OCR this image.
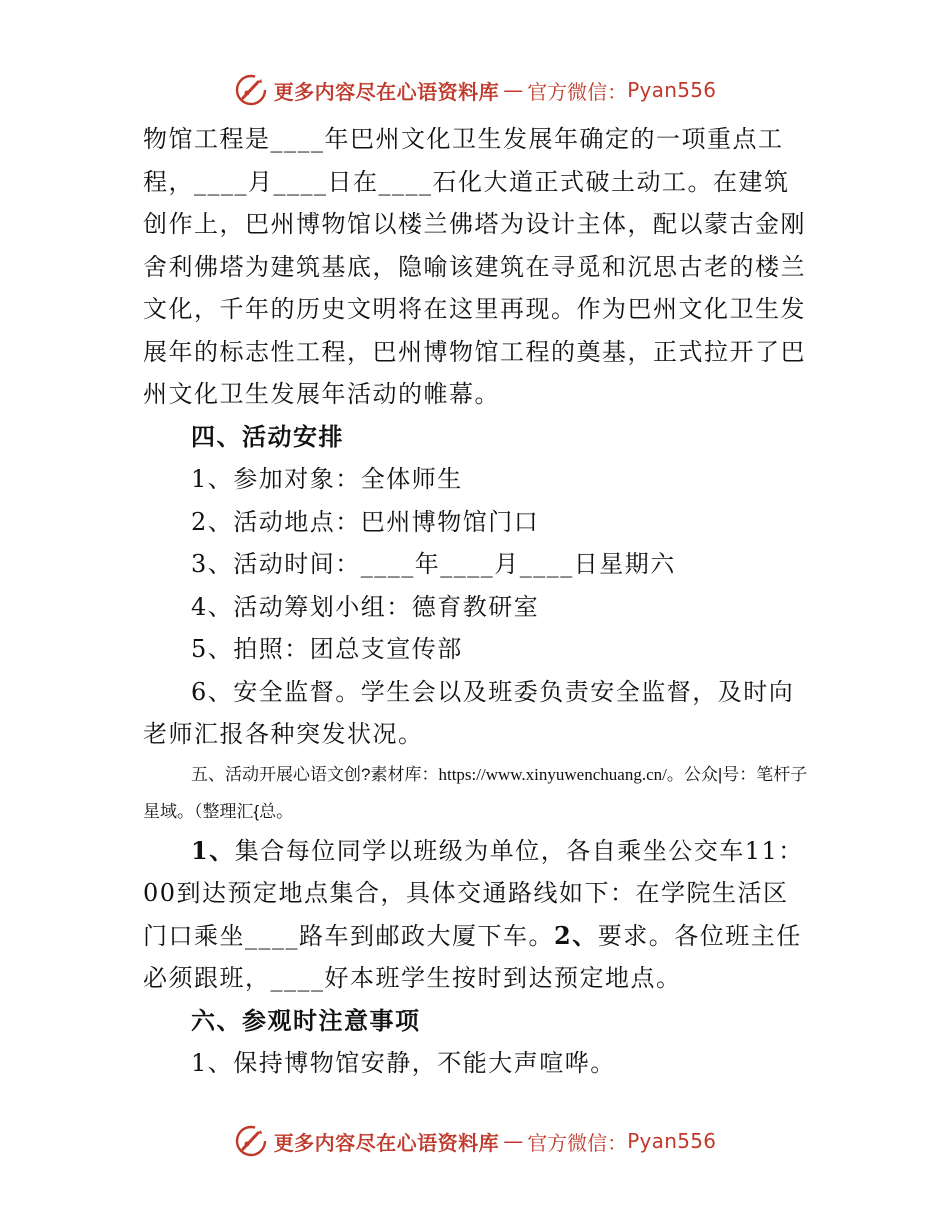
更多内容尽在心语资料库 — 官方微信： Pyan556

物馆工程是____年巴州文化卫生发展年确定的一项重点工程，____月____日在____石化大道正式破土动工。在建筑创作上，巴州博物馆以楼兰佛塔为设计主体，配以蒙古金刚舍利佛塔为建筑基底，隐喻该建筑在寻觅和沉思古老的楼兰文化，千年的历史文明将在这里再现。作为巴州文化卫生发展年的标志性工程，巴州博物馆工程的奠基，正式拉开了巴州文化卫生发展年活动的帷幕。

四、活动安排

1、参加对象：全体师生

2、活动地点：巴州博物馆门口

3、活动时间：____年____月____日星期六

4、活动筹划小组：德育教研室

5、拍照：团总支宣传部

6、安全监督。学生会以及班委负责安全监督，及时向老师汇报各种突发状况。

五、活动开展心语文创?素材库：https://www.xinyuwenchuang.cn/。公众|号：笔杆子星域。（整理汇{总。

1、集合每位同学以班级为单位，各自乘坐公交车11：00到达预定地点集合，具体交通路线如下：在学院生活区门口乘坐____路车到邮政大厦下车。2、要求。各位班主任必须跟班，____好本班学生按时到达预定地点。

六、参观时注意事项

1、保持博物馆安静，不能大声喧哗。

更多内容尽在心语资料库 — 官方微信： Pyan556
